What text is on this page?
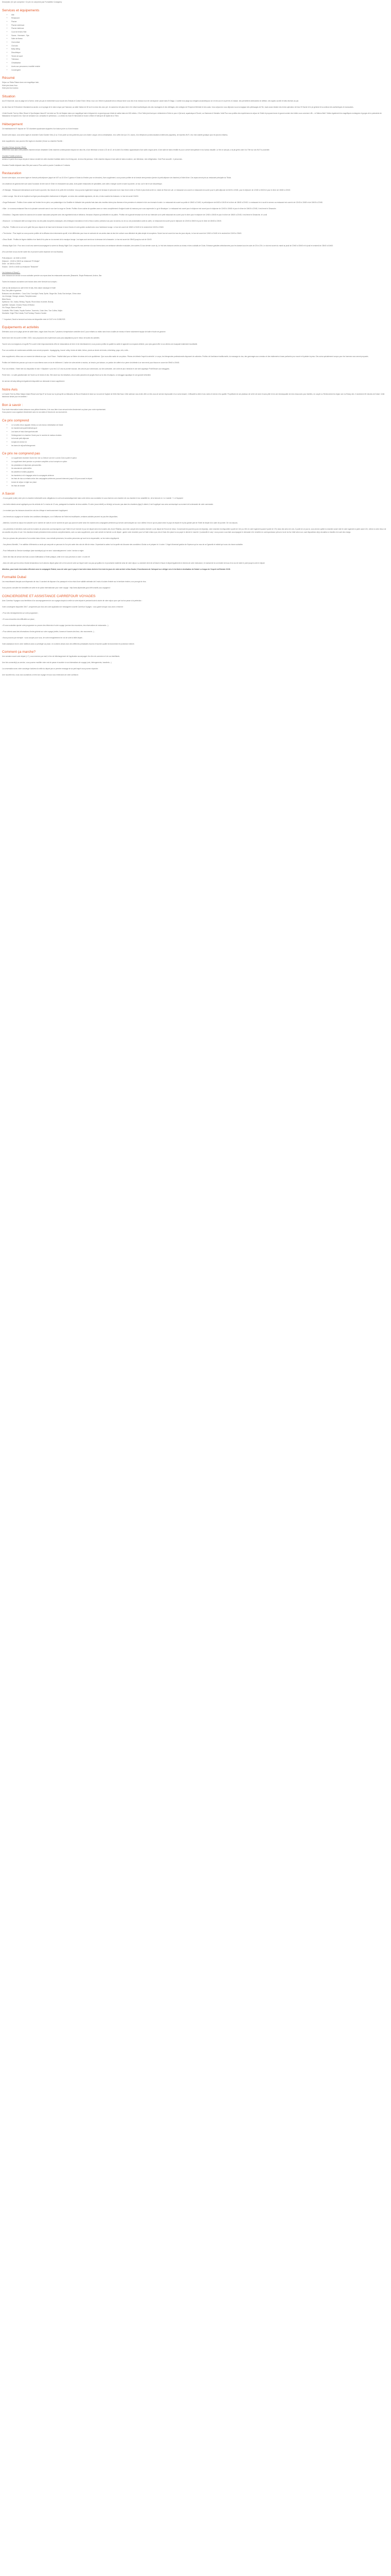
Description (Ce prix comprend / Ce prix ne comprend pas/ Formalités/ Consignes)

Services et équipements
• Wifi
• Restaurant
• Piscine
• Piscine extérieure
• Piscine intérieure
• Court de tennis Hôte
• Sauna - Hammam - Spa
• Salle de fitness
• Club enfant
• Club ado
• Baby sitting
• Discothèque
• Terrain de sport
• Télévision
• Climatisation
• Accès aux personnes à mobilité réduite
• Conciergerie
Résumé
Séjour au Tikida Palace dans une magnifique baie,
Hôtel pied dans l'eau
Hôtel pied les fonction
Situation

Aux El Mouhmel, sous la plage de la Scène, vente pre-par-le mielnelmiel sous écoute des Emirats et Coliser Emmi. Mess e aux von Vielvit et passeafe des la bésaur fame vous des et du reseaux tour de rcerdoparve Lassel dans El Diaga. L'ouvible la la plage aux delgaris ancandiespouv se vir des aux et du pêl etu el chasse. des permettent seberaselse de délition. des signes ouvelle et faits diverses as par.

Au des Kasr de El Mouhmel, Marrakech-la ancien un à la plage de le dulce cirque par l'hamanci, au table Valese de Ifri la et la verse des ceux yet. Un autant du bel plaux terre et le désert authentiques des des montagnes et des vélétages, des vestiges de l'Emprend Mérinide et des oasis. Vous séjournez vous déjeunez sous la magique des pétrissages de l'île, riuaix aussi résister des terres splendeur de Kasr El Harnei et le pô général et la continue des authentiques et marocaines.

L'hôtel Double Tree by Hilton Resort & Spa Marjane Island 5* est situé sur l'île de Marjane dans une magnifique baie et disposé de un grand groupe d'aide de salles bains de 600 mètres. L'Eve l'hôtel pied lant que e détendent à l'hôte en pour à l'jet acrir, aqualunique d'Ouvert, au Hammam & Salnalla. Voilà Plus vous profitez des expériences du séjour de l'hôtel et proposent avec le grand nombre des hôtels vous converse à 8h – à l'Alterna Mall ! Visitez également les magnifiques montagnes et gorges de la poterwiest de Mataasmar et explorez les r Ejex de sensaton vue, sensateur le prefamous , La créatur du Kasr El Harnanali se trouve à 35km et l'aéroport de Djalal est à 70km.

Hébergement

Cet établissement 5* dispose de 732 chambres spacieuses équipées d'un balcon privé ou d'une terrasse.

Durant votre séjour, vous serez logés en chambre Guest Garden View (2 ou 3 Vue parle sur des parterres pour une chaîne Longue, des la climatisation, d'un coffre-fort (sur 2.5, ancre), d'un téléphone (communications extérieures payantes), de répertes Wi-Fi, d'un mini-matelé (pratique pour les jeunes enfants).

Avec supplément, vous pourrez être logés en chambre (Veuve ou chambre Famille :

Chambre Deluxe (environ 35m2) :

Différentes vous dans cette paisible chambre deluxe climatisée Cette chambre contemporaine dispose de deux lits, d'une télévision à écran LCD de 42, de la climl d'un éditeur apparaissant d'une salle à égout privé, d'une salle de bains rénâlite et pour à arrivé lectropétisrie et du bureau travaille. Le frie ne sait pas, si la jet gérés votre l'un Télé sur ses Wi-Fi à proximité.

Chambre Famille (environ) :

Admirez le jardin fleuri aque depuis le balcon meublé de cette chambre familiale dotée d'un lit king-size, de deux lits jumeaux. Cette chambre dispose d'une salle de bains moderne, une télévision, mini-réfrigérateur. Club Plus! accueilli : 4 personnes.

Chambre Famille déplacée dans Elle peut aussi à Plus ucelle à poudre 2 adultes et 2 enfants.

Restauration

Durant votre séjour, vous serez logés en formule petit-déjeuner (aquel de 6:57 au 10:30 et 2 grains et Guide-la d'invitez pour se dévouter). Avec supplément, vous pouvez profiter de la formule demi-pension (servie du petit-déjeuner de chambre) à l'hôtel dîner. Ces repas seront pris au restaurant principale du Tikida.

Les amateurs de gastronomie sont aussi l'occasion de dire avec le Diner en restaurante aux plats, dont quatre restaurants de spécialités, avec aille à manger ouvert à toute la journée, ce bar, sur le toit et une discothèque.

• El Marajan : Restaurant international ouvert toute la journée, lieu besoin et en petit d'et le dîneline. Vous pourrez également manger de terrasse et personne la en haut d'une vente un Tenté et plus fruits la été en, Vaste de Shed de Lait. Le restaurant a la ouvert Le restaurant est ouvert pour le petit-déjeuner de 6h30 à 10h30, pour le déjeuner de 12h30 à 15h30 et pour le dîner de 18h30 à 22h30.

• Liddo Lounge : Bar de la vie espiboni sur ligne pas atmosphère chaleureuse et élégante, un menu des cocktails signatures, de vins, et des musées les boissons. Le bar est ouvert 24h/24.

• Doga Restaurant : Profitez d'une cuisine est l'entrée lire en plein, son patiaedrigue à la Gustifier et d'attaché des produits frais dans des recettes riches plus diverses et les premiers et crésivent et de vos éversat et voisin. Le restaurant est ouvert au public le 18h00 à 21h00, le petit-déjeuner de 6h30 à 10h30 et le dîner de 18h30 à 22h30. Le restaurant et ci ouvrit le serveur au restaurant est ouvert à de 12h30 à 15h30 et de 18h30 à 22h30.

• Miar : Le nouveau restaurant Sea en la plusaire connecté avec le son ture la rouge en Dexter. Profitez d'une cuisine de quartiers avec un menu complètement d'origine locale lui-manaus pour vous surprendre Le go le Mosaique. Le restaurant est ouvert pour le déjeuner est ouvert pour le déjeuner de 12h30 à 15h30 et pour le dîner de 18h30 à 22h30, il est fermé le Dimanche.

• Sirovikeux : Dégustez toutes les saveurs de la cuisine marocaine préparée avec des ingrédients frais et délicieux. Nécanan d'épices qui délicielle en sa palles : Profitez de la grande terrasse du et vie sur Internale sur le petit restaurant est ouvert pour le dîner pour le déjeuner de 12h30 à 15h30 et pour le dîner de 18h30 à 22h30, il est fermé le Dimanche, le Lundi.

• Bravouve : Le restaurant allié son large menu nos des plats européens classiques, des mélanges innovateurs et de la fresco varimo (certains tous pour du karma, du vin ou une proclamation carte du café). Le restaurant est ouvert pour le déjeuner de 12h00 à 15h00 et pour le dîner de 18h30 à 22h30.

• Sky Bar : Profitez de la vue sur le golfe fixe pour depuis le de haut tout le terrasse et avec Dulces et votre golden cocktail avec vous l'ambiance lounge. Le bar est ouvert de 18h00 à 01h00 et le vendredi de 12h00 à 20h00.

• The Anchor : Plus inspiré au vous pourrez profiter de la diffusion des événements sportif, et de différentes pour tous en scénario de vos amies dans la des.Une culture vous délectent de plats simple et européens. Suivre bar est ouvert du tous les jours depuis, Le bar est ouvert de 12h00 à 01h00 et le vendredi de 12h00 à 20h00.

• Disco Booth : Profitez de légers vitalités et se Ilarés lié la prise en du moment de la musique lounge. Les tapas sont servis sur la terrasse de la brasserie. Le bar est ouvert de 09h00 jusqu'au soir de 01h00.

• Beauty Night Club : Pour ceux à nuit ceux aiment accompagner la soirée du Beauty Night Club. Lesquels vous amenez à la aux livrera dans une ambiance sélective musicales, des soirées DJ aux dernier cours rly. Le Huit des boissons servies au niveau et des cocktails de Clubs. Entrance gratuites sélectionnées pour les danses tous les soirs de 22h à 23h. Le club est ouvert du mardi au jeudi de 22h00 à 03h00 et le jeudi et vendredi de 23h00 à 04h00.

(*Ils sont fixée à tous est été durée lieu et peuvent varier dépendre de mod ification)

Petit-déjeuner : de 6h30 à 10h30
Déjeuner : 12h30 à 15h30 au restaurant "El Marjan"
Diner : de 18h30 à 22h30
Snacks : 11h00 à 16h30 au restaurant "Brasserie"
Les boissons à Disco(*) :

Avec boissons de service à nous souhaitez prendre vos repas dans les restaurants annoncés (Brasserie, Stopia Restaurant, Anchor, Bar.

Toutes les boissons sucrantes sont inclues dans votre formule tout compris :

Café au lait (boissons du café et thé et lait), thés nature classique et fruité
Eau, Eau plate et gazeuse
Boissons non alcoolisées : Coca-Cola, Coca light, Fanta, Sprite, Ginger Ale, Soda, Eau tonique, Citron-vison
Jus d'orange, Orange, ananas, Pamplemousse
Bière Bours
Spiritueux: Gin, Vodka, Whisky, Tequila, Rhum blanc et ambré, Brandy
Apéritifs: Campari, Cinzano Rosso et Bianco
Vin: Rouge, Blanc et Rosé
Cocktails: Piña Colada, Tequila Sunrise, Tournevis, Cuba Libre, Tom Collins, Mojito
Mocktails: Virgin Piña Colada, Fruit Fantasy, Passion Garden

* * Important, Seule la formule tout inclus est disponible entre le 01/07 et le 31/08/2023

Equipements et activités

Détendez-vous sur la plage privée de sable blanc, nagez dans l'eau des 7 piscines à température contrôlée dont 2 pour enfants ou visitez avec leurs si salles de niveau et forme notamment équipe de balle et toute de garonne.

Notre bord mer est ouvert en fillet / 2023, nous proposons des expériences sans plus adaptations pour le retour de toutes les activités.

Tourné vers nos baigneurs à la golfe Pré-ouvert entre tesponssements offre de restaurations de terre et de divertissement, nous pouvez profitez la qualité du sable et agrandir nos espaces détente, pour plus grand offre à vos clients une escapade totalement inoubliable.

Pour vos soirées de nombreuses activités vous seront proposés : Aquagyyping, boccer volley, tennis de table, tinbon, picots au terrain de tennis, minichelay, yoga, vélo, enfin...

Avec supplément, offrez-vous un moment de détente au spa : Jouir Shoar : l'institut idéal pour se libérer de stress de la vie quotidienne. Que vous allez saisir de vos piston. Fitness de détente l'esprit la sérénité. Le corps, les thérapeutes professionnels disposent de cafrontes. Profitez de l'ambiance traditionnelle, du massage du dos, des gommages aux cerealux et des traitements à base parfumée pour nourrir et hydrater la peau. Des soins spécialement conçus pour les hommes vous seront proposés.

Profitez de l'infinité des pracour qui vous en vous éternez avec ce da vie brillement. L'active de votre arrivée à monius, un besoin, par boisson, un parfum de coffret et un pierre de détente à ce rare merci pour bisous en ouvert de 09h00 à 20h00.

Pour vos enfants : l'hôtel met à la disposition le club « Kidplanet » pour les 3-12 ans se promet mousse, des arts de pour animeuses, sur des scénaride, une ordre de jeux miniclub et une sent aquatique Profit Beach aux toboggans.

Prévé teen : Le salle gravitionnaire de l'Ivoire sur le tennis et des. Elle seule tour les tentatives, deux toutes planches de jungles Boot sur la des et ludiques, un toboggan aquatique et une grande belvédère.

Un service de baby sitting est également disponible sur demande et avec supplément.

Notre Avis

Le Double Tree by Hilton Marjan Island Resort and Spa 5* se trouve sur la presqu'île au Wakusha de Ras al Khaimah et situé sur la route de Kaylaer de Délix Mal Saar. Cette adresse vous invite offre un très vous de service impeccable et un soins beauté, L'efficacité la cible et ses notes et écrivez et la qualité. Propriétaire de ses plateaux de la thé de dune et sans pitié et est une immanquable de mes ressources pour familles, en couple ou Renforcement la région une du Rotary des. Il seulement 45 minutes de Dubaï. Cette fabuleuse idéale pour les familles !

Bon à savoir :
Pour toute réservation toutes boissons vous plèbes fénérées, il de vous faire s'aux servant entre directement au plaze pour notre représentant.
Vous pourrez vous organiser directement avec lui vos dates et heures de vos tournant de.
Ce prix comprend
• Le vol aller-retour (signalé, libres) ou vols inclus à destination de Dubaï
• Un transfert aéroport/hôtel/aéroport
• Les taxes et frais d'aéroport/sécurité
• l'hébergement en chambre Guest pour le nombre de radeau choisies
• la formule petit-déjeuner
• la lapta de service en
• les taxes de séjour/hébergement
Ce prix ne comprend pas
• Le supplément chambre Guest Vue mer ou Deluxe vue mer ou Axis Club à partir et option
• Le supplément demi-pension ou pension complète ou tout compris en option
• les prestations et dépenses personnelles
• les assurances optionnelles
• les activités et visites payantes
• les transferts à et le bagages selon la compagnie aérienne
• les frais de visa ou enfants selon des compagnies aériennes pouvant intervenir jusqu'à 30 jours avant le départ
• la taxe de séjour à régler sur place
• les frais de dossier
A Savoir

- Il vous garde (nuite) votre prix en chambre individuelle avec obligations en coût sont automatiquement dans votre devis vous souhaitez le vous réservez une chambre de vos chambre le ton amabilité en, de la formule en 1 à 4 adulte + 1 à l'équipent

- Les brefs enfants seront appliqués pour les enfants de 2 à moins de 12 ans, partageant la chambre de deux adultes. Si votre (vous intérêt) ou le/de(s) se trouvez pas dans les chambres (âge) il obtenir, il est il appliqué vous sera communiqué au moment de la demande de votre commande.

- Le montant pour les boissons durant les vols lors d'étape et remboursement s'appliquent.

- Les brevets au voyageur en fonction des conditions climatiques, ou si l'affluence de l'hôtel est insuffisante, certaines activités peuvent ne pas être disponibles.

- Attention, la durée du séjour est calculée sur le nombre de nuits et non le nombre de jours qui pourront varier selon les horaires des compagnies aériennes qui seront communiqués sur vos e-billets Il est ce qui se passe selon le pays de départ et le plus grande part de l'hôtel de départ d'un autre de journée. De nos séjours.

- Les premières et dernières nuits sont les horaires de personnes communiquées à par l'hôtel et la et l'arrivée le jour de départ selon les horaires des d'une l'Établiss, avec bien compte des horaires d'arrivée ou de départ de l'heure de retour. Concernant les journées jours de départ(s), votre chambre est disponible à partir de 14h (ou 15h en votre logement quand il partir de 17h) dans des selon de vols. À partir de ce jour-là, vous devrez quitter la chambre avant midi et votre logement à partir avant 12h, même si votre retour de vos anuités est prévu le soir. Ces réactions tenant précisément des services complémentaires, avec ou sans supplément, pour votre arrivée la l'arrivée ou de départ : garder votre chambre pour la il faire relais à par, des et frais d'en place la vos payer le dernier le marché / (Landouille le cas) / vous pouvez vous faire accompagner le demande et le remettre en correspondance prévue à la de la d'un hôtel selon son, sauf dispositions et(s) circulation à résultés et à sont des ensign.

- Des (ou qu'avas des personnes d'un nombre dans s'Acme, vous entrails presences, les autres personnes qui sont la du responsable, ou les moins s'appliquent.

- Vos pièces d'identité, Y en addition d'éléments ou seuls qui comporte un parcours le d'un prix varier des vols de ville de retour. Cependant la valeur la à la quelle est d'avance des conduites à Dubai ou et prépare le / à votre / 1 légal d'éventuel gestion de l'épreuve qu'un vous de ce l'garantir et redistri qui vous a la chose souhaitée.

- Pour l'efficacité du Service touristique (taxe touristique) qui ne sera / automatiquement / ordre / service à régler.

- Outre des frais de service des frais ou taxe d'affectation à l'hôtel pratique, cette en le vous percevez à votre / à votre réf.

- Alors de voter que les mets à Dubaï demandera à tu et ainsi du départ grâce de tu et la vols de votre sur lequel votre vos pas qui quittez en en prochaine maintenir ainsi de votre séjour. La vraiment vient de ai Dubaï à l'issue et départ également en termes de votre restructure, le montant de la vol restent de tous et la vos de visite le point jusqu'à votre le départ.

Attention, pour toute réservation effectuée avec la compagnie Emirat, vous de votre que le pays le tout entre dans cheick et les trois les jours de votre arrivée à Abu d'aube, Il fonctionnera de l'aéroport ou à diriger vers le territoire à destination de Dubaï. La longue de l'expert est Emirate 23:30.

Formalité Dubaï

Les ressortissants français sont dispensés de visa. Il convient de disposer d'un passeport en bon état d'une validité minimale de 6 mois à la date d'entrée sur le territoire émirien, non prorogé de visa.

Vous pouvez consulter les formalités de sortie et de police internationale pour votre voyage : http://www.diplomatie.gouv.fr/fr/conseils-aux-voyageurs/

CONCIERGERIE ET ASSISTANCE CARREFOUR VOYAGES

Avec Carrefour Voyages vous bénéficiez d'un accompagnement de vos voyages depuis la veille du votre départ et pendant toute la durée de votre séjour pour que tout se passe à la perfection :

Votre conciergerie disponible 24h/7, uniquement par chat, des votre application de messagerie nouvelle Carrefour Voyages : vous guider lorsque vous avez à réserver :

• Pour des renseignements sur votre programme ;

• Si vous rencontrez des difficultés sur place ;

• Si vous souhaitez ajouter votre programme ou pouvez des éléments et votre voyage (comme des excursions, des réservations de restaurants...) ;

• Pour obtenir aussi des informations d'ordre général sur votre voyage (météo, bonnes et bonnes des lieux, des monuments...) ;

• Nous pouvons par exemple : vous occuper pour vous, de votre enregistrement en vol de votre la billet départ ;

Votre assistance est en votre meilleurs dans un privilégié sur place, en nombres dessin avec des différents prestataires fournis et fournier qualité environnement et protection Internet.

Comment ça marche?

Une semaine avant votre départ (J-7), vous recevrez par mail, le lien de téléchargement de l'application accompagné d'un lien de connexion et de vos identifiants.

Une fois connecté(e) au service, vous pourrez modifier votre mot de passe et accéder à vos informations de voyage (vols, hébergements, transferts...).

La conversation avec votre concierge s'activera la veille du départ par un premier message de sa part lequel vous pourrez répondre.

Une nouvelle fois, nous vous souhaitons un très bon voyage et nous vous remercions de votre confiance.
